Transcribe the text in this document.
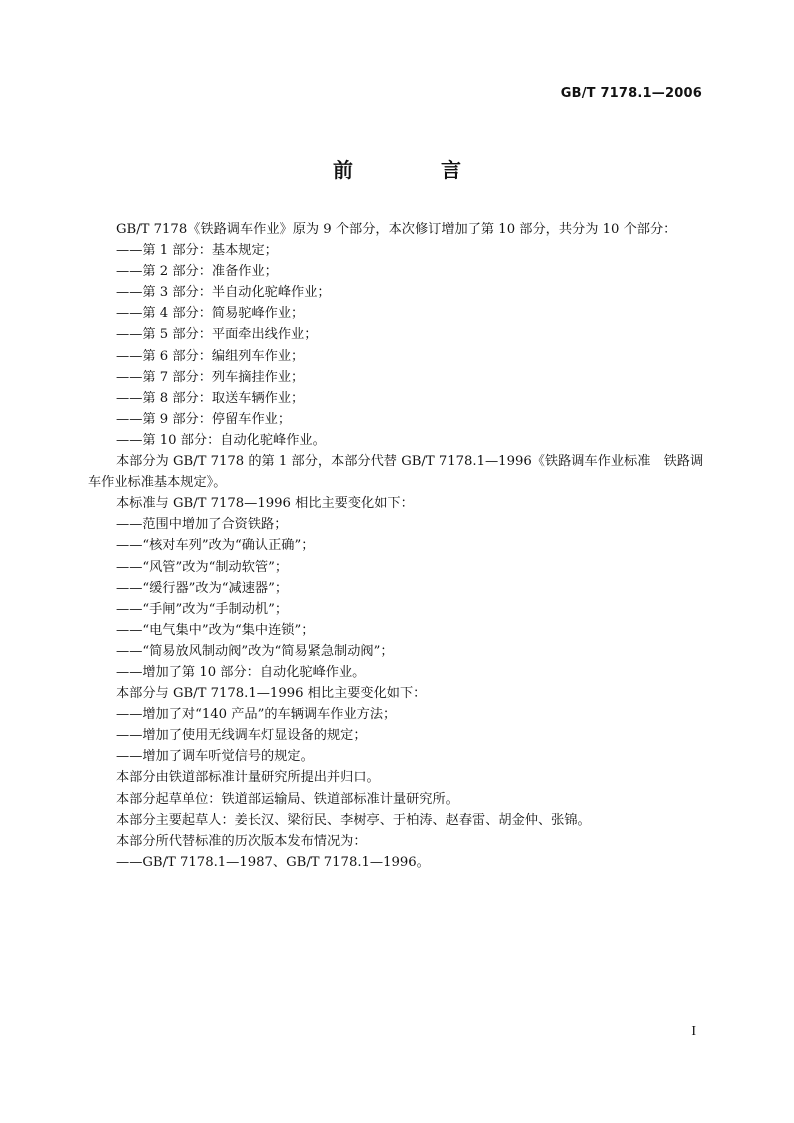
GB/T 7178.1—2006
前　言
GB/T 7178《铁路调车作业》原为 9 个部分，本次修订增加了第 10 部分，共分为 10 个部分：
——第 1 部分：基本规定；
——第 2 部分：准备作业；
——第 3 部分：半自动化驼峰作业；
——第 4 部分：简易驼峰作业；
——第 5 部分：平面牵出线作业；
——第 6 部分：编组列车作业；
——第 7 部分：列车摘挂作业；
——第 8 部分：取送车辆作业；
——第 9 部分：停留车作业；
——第 10 部分：自动化驼峰作业。
本部分为 GB/T 7178 的第 1 部分，本部分代替 GB/T 7178.1—1996《铁路调车作业标准　铁路调
车作业标准基本规定》。
本标准与 GB/T 7178—1996 相比主要变化如下：
——范围中增加了合资铁路；
——“核对车列”改为“确认正确”；
——“风管”改为“制动软管”；
——“缓行器”改为“减速器”；
——“手闸”改为“手制动机”；
——“电气集中”改为“集中连锁”；
——“简易放风制动阀”改为“简易紧急制动阀”；
——增加了第 10 部分：自动化驼峰作业。
本部分与 GB/T 7178.1—1996 相比主要变化如下：
——增加了对“140 产品”的车辆调车作业方法；
——增加了使用无线调车灯显设备的规定；
——增加了调车听觉信号的规定。
本部分由铁道部标准计量研究所提出并归口。
本部分起草单位：铁道部运输局、铁道部标准计量研究所。
本部分主要起草人：姜长汉、梁衍民、李树亭、于柏涛、赵春雷、胡金仲、张锦。
本部分所代替标准的历次版本发布情况为：
——GB/T 7178.1—1987、GB/T 7178.1—1996。
I
